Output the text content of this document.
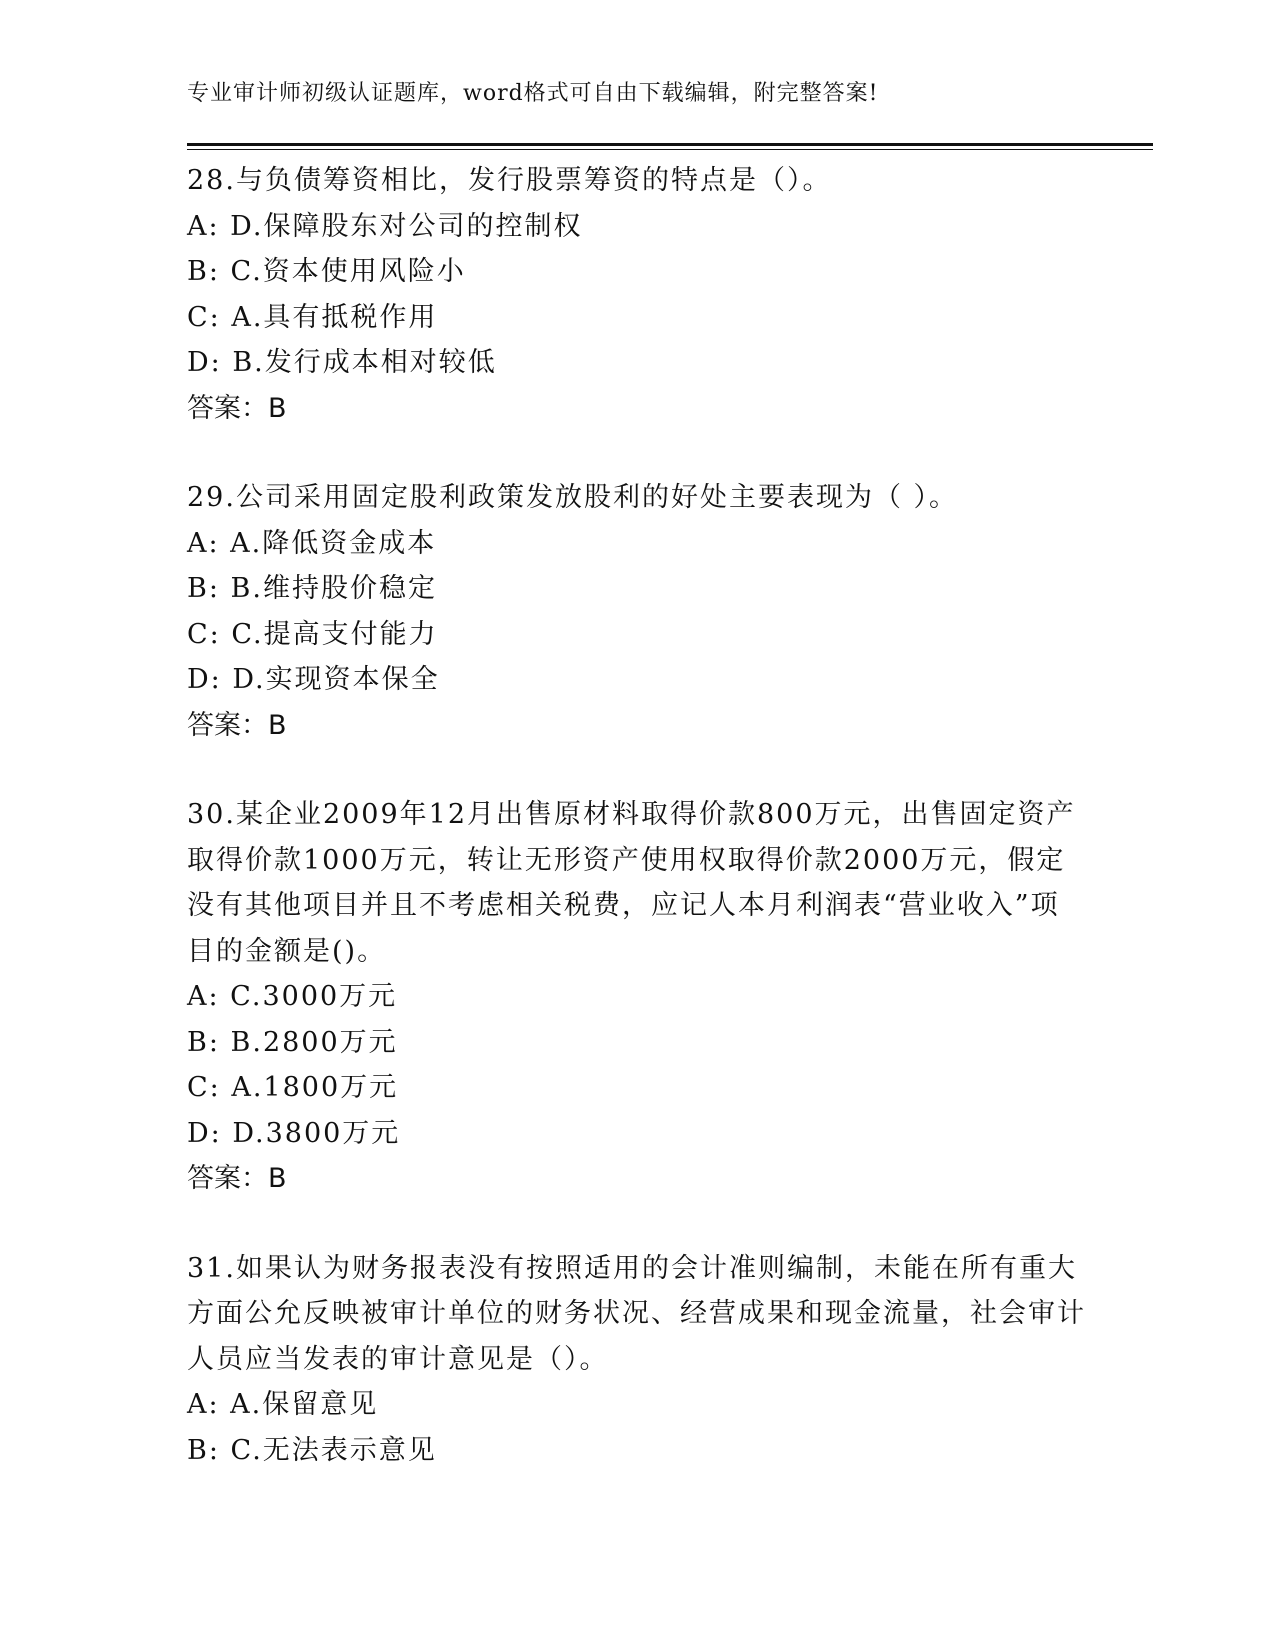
专业审计师初级认证题库，word格式可自由下载编辑，附完整答案!

28.与负债筹资相比，发行股票筹资的特点是（）。

A: D.保障股东对公司的控制权

B: C.资本使用风险小

C: A.具有抵税作用

D: B.发行成本相对较低

答案：B

29.公司采用固定股利政策发放股利的好处主要表现为（ ）。

A: A.降低资金成本

B: B.维持股价稳定

C: C.提高支付能力

D: D.实现资本保全

答案：B

30.某企业2009年12月出售原材料取得价款800万元，出售固定资产取得价款1000万元，转让无形资产使用权取得价款2000万元，假定没有其他项目并且不考虑相关税费，应记人本月利润表“营业收入”项目的金额是()。

A: C.3000万元

B: B.2800万元

C: A.1800万元

D: D.3800万元

答案：B

31.如果认为财务报表没有按照适用的会计准则编制，未能在所有重大方面公允反映被审计单位的财务状况、经营成果和现金流量，社会审计人员应当发表的审计意见是（）。

A: A.保留意见

B: C.无法表示意见
